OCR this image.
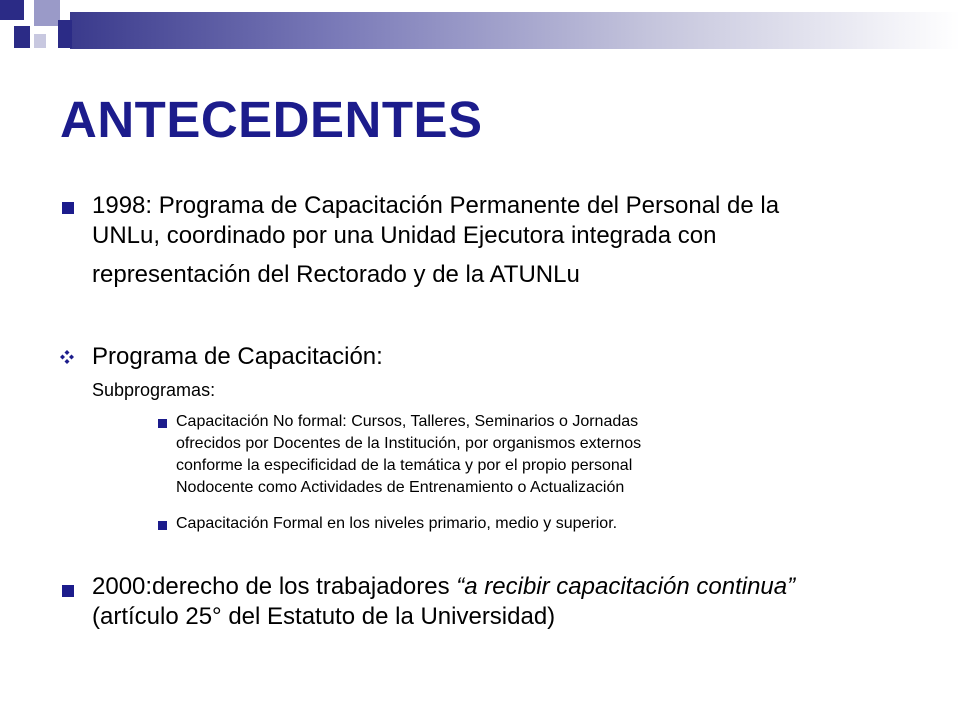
ANTECEDENTES
1998: Programa de Capacitación Permanente del Personal de la
UNLu, coordinado por una Unidad Ejecutora integrada con
representación del Rectorado y de la ATUNLu
Programa de Capacitación:
Subprogramas:
Capacitación No formal: Cursos, Talleres, Seminarios o Jornadas
ofrecidos por Docentes de la Institución, por organismos externos
conforme la especificidad de la temática y por el propio personal
Nodocente como Actividades de Entrenamiento o Actualización
Capacitación Formal en los niveles primario, medio y superior.
2000:derecho de los trabajadores “a recibir capacitación continua”
(artículo 25° del Estatuto de la Universidad)
